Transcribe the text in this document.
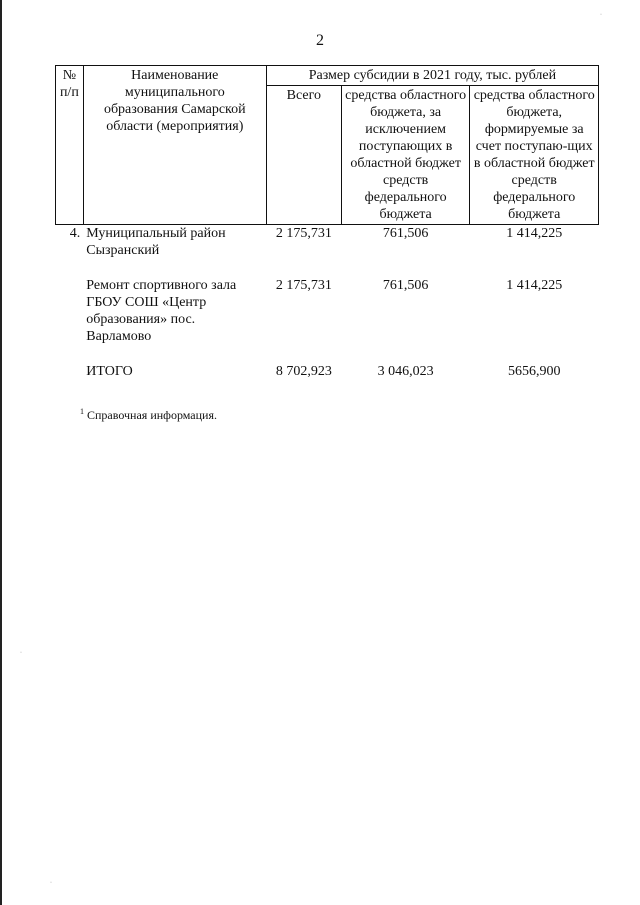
2
№ п/п	Наименование муниципального образования Самарской области (мероприятия)	Размер субсидии в 2021 году, тыс. рублей		
		Всего	средства областного бюджета, за исключением поступающих в областной бюджет средств федерального бюджета	средства областного бюджета, формируемые за счет поступаю-щих в областной бюджет средств федерального бюджета
4.	Муниципальный район Сызранский	2 175,731	761,506	1 414,225

	Ремонт спортивного зала ГБОУ СОШ «Центр образования» пос. Варламово	2 175,731	761,506	1 414,225

	ИТОГО	8 702,923	3 046,023	5656,900
$^1$ Справочная информация.
·
·
·
